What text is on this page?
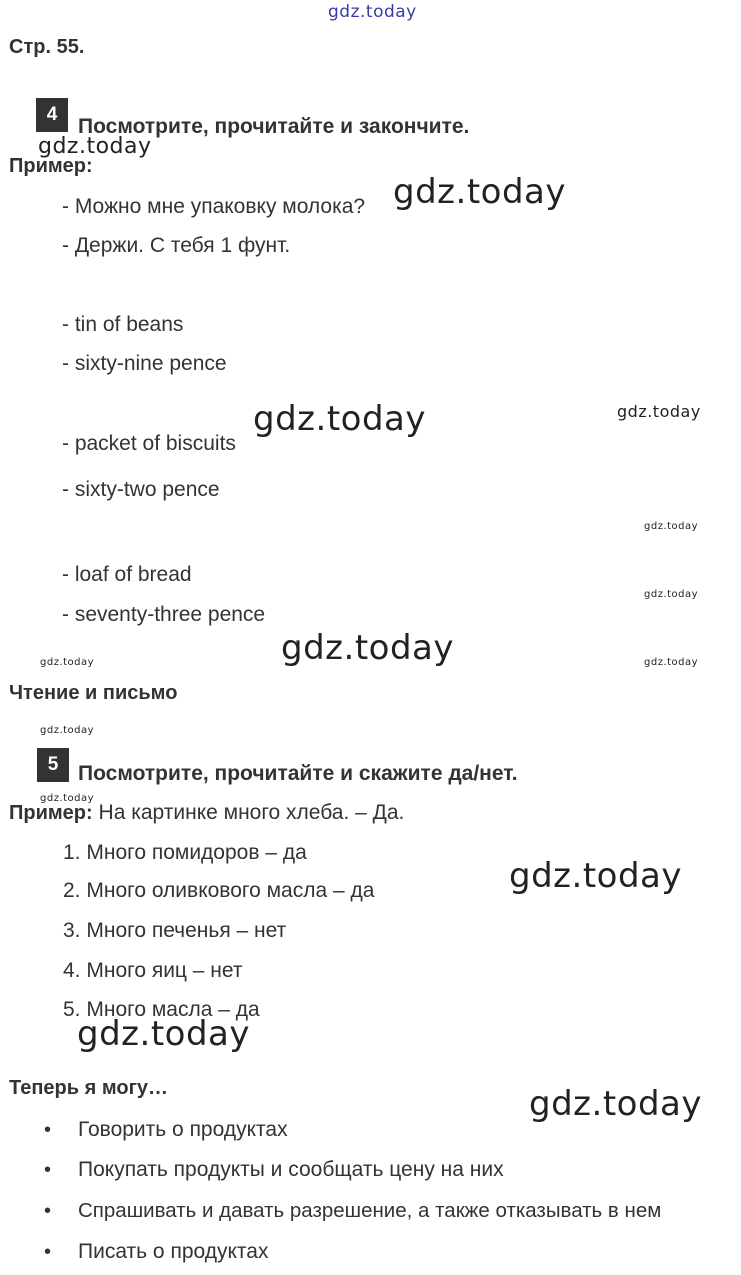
gdz.today
Стр. 55.
4
Посмотрите, прочитайте и закончите.
gdz.today
Пример:
- Можно мне упаковку молока? gdz.today
- Держи. С тебя 1 фунт.
- tin of beans
- sixty-nine pence
gdz.today	gdz.today
- packet of biscuits
- sixty-two pence
gdz.today
- loaf of bread
gdz.today
- seventy-three pence
gdz.today
gdz.today	gdz.today
Чтение и письмо
gdz.today
5 Посмотрите, прочитайте и скажите да/нет.
gdz.today
Пример: На картинке много хлеба. – Да.
1. Много помидоров – да
gdz.today
2. Много оливкового масла – да
3. Много печенья – нет
4. Много яиц – нет
5. Много масла – да
gdz.today
Теперь я могу…	gdz.today
• Говорить о продуктах
• Покупать продукты и сообщать цену на них
• Спрашивать и давать разрешение, а также отказывать в нем
• Писать о продуктах
